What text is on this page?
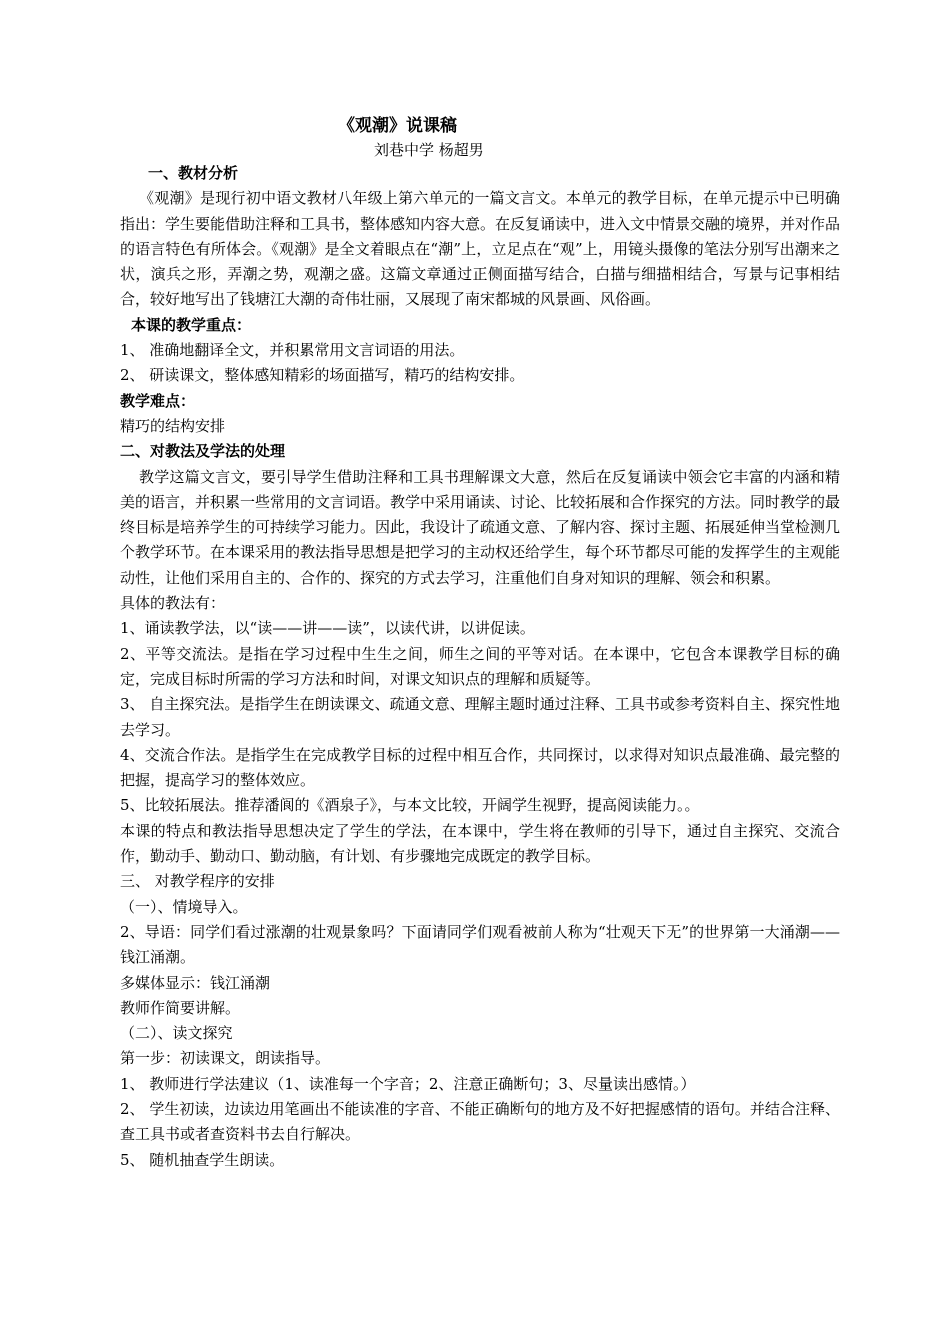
《观潮》说课稿

刘巷中学 杨超男

一、教材分析

《观潮》是现行初中语文教材八年级上第六单元的一篇文言文。本单元的教学目标，在单元提示中已明确指出：学生要能借助注释和工具书，整体感知内容大意。在反复诵读中，进入文中情景交融的境界，并对作品的语言特色有所体会。《观潮》是全文着眼点在“潮”上，立足点在“观”上，用镜头摄像的笔法分别写出潮来之状，演兵之形，弄潮之势，观潮之盛。这篇文章通过正侧面描写结合，白描与细描相结合，写景与记事相结合，较好地写出了钱塘江大潮的奇伟壮丽，又展现了南宋都城的风景画、风俗画。

本课的教学重点：

1、 准确地翻译全文，并积累常用文言词语的用法。

2、 研读课文，整体感知精彩的场面描写，精巧的结构安排。

教学难点：

精巧的结构安排

二、对教法及学法的处理

教学这篇文言文，要引导学生借助注释和工具书理解课文大意，然后在反复诵读中领会它丰富的内涵和精美的语言，并积累一些常用的文言词语。教学中采用诵读、讨论、比较拓展和合作探究的方法。同时教学的最终目标是培养学生的可持续学习能力。因此，我设计了疏通文意、了解内容、探讨主题、拓展延伸当堂检测几个教学环节。在本课采用的教法指导思想是把学习的主动权还给学生，每个环节都尽可能的发挥学生的主观能动性，让他们采用自主的、合作的、探究的方式去学习，注重他们自身对知识的理解、领会和积累。

具体的教法有：

1、诵读教学法，以“读——讲——读”，以读代讲，以讲促读。

2、平等交流法。是指在学习过程中生生之间，师生之间的平等对话。在本课中，它包含本课教学目标的确定，完成目标时所需的学习方法和时间，对课文知识点的理解和质疑等。

3、 自主探究法。是指学生在朗读课文、疏通文意、理解主题时通过注释、工具书或参考资料自主、探究性地去学习。

4、交流合作法。是指学生在完成教学目标的过程中相互合作，共同探讨，以求得对知识点最准确、最完整的把握，提高学习的整体效应。

5、比较拓展法。推荐潘阆的《酒泉子》，与本文比较，开阔学生视野，提高阅读能力。。

本课的特点和教法指导思想决定了学生的学法，在本课中，学生将在教师的引导下，通过自主探究、交流合作，勤动手、勤动口、勤动脑，有计划、有步骤地完成既定的教学目标。

三、 对教学程序的安排

（一）、情境导入。

2、导语：同学们看过涨潮的壮观景象吗？下面请同学们观看被前人称为“壮观天下无”的世界第一大涌潮——钱江涌潮。

多媒体显示：钱江涌潮

教师作简要讲解。

（二）、读文探究

第一步：初读课文，朗读指导。

1、 教师进行学法建议（1、读准每一个字音；2、注意正确断句；3、尽量读出感情。）

2、 学生初读，边读边用笔画出不能读准的字音、不能正确断句的地方及不好把握感情的语句。并结合注释、查工具书或者查资料书去自行解决。

5、 随机抽查学生朗读。
